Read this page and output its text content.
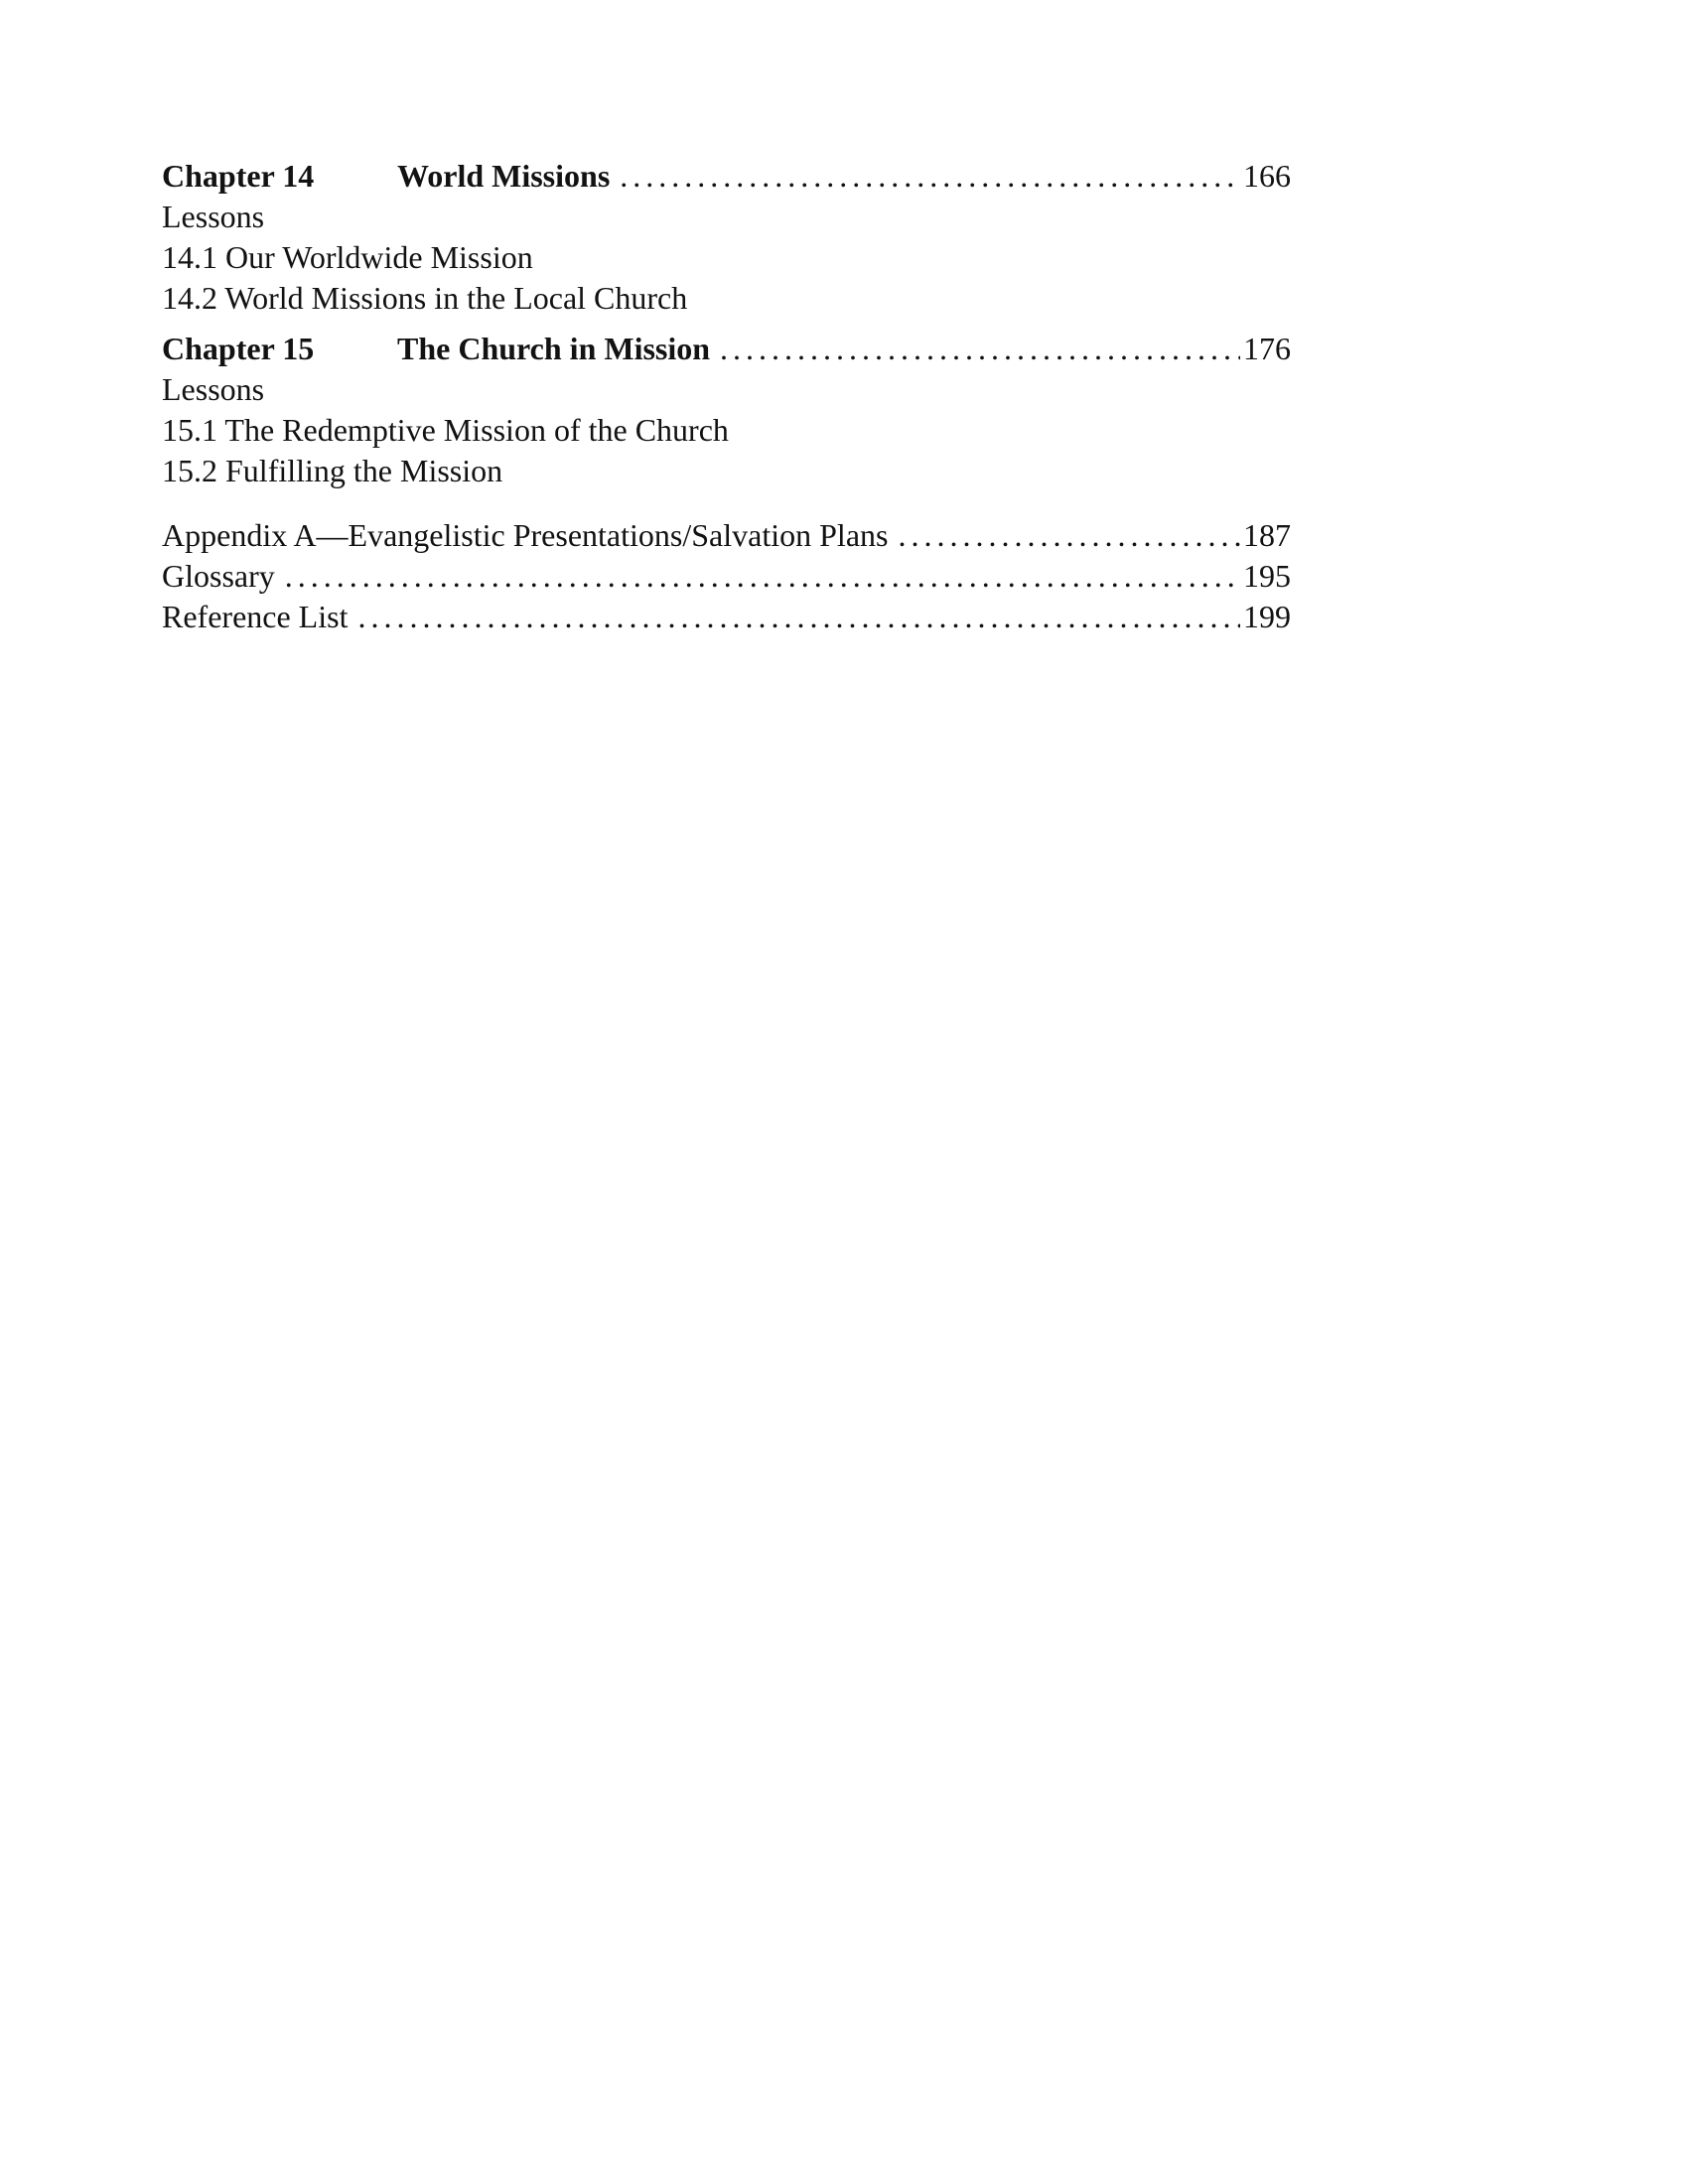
Chapter 14	World Missions .....	166
Lessons
14.1 Our Worldwide Mission
14.2 World Missions in the Local Church
Chapter 15	The Church in Mission .....	176
Lessons
15.1 The Redemptive Mission of the Church
15.2 Fulfilling the Mission
Appendix A—Evangelistic Presentations/Salvation Plans .....	187
Glossary .....	195
Reference List .....	199
